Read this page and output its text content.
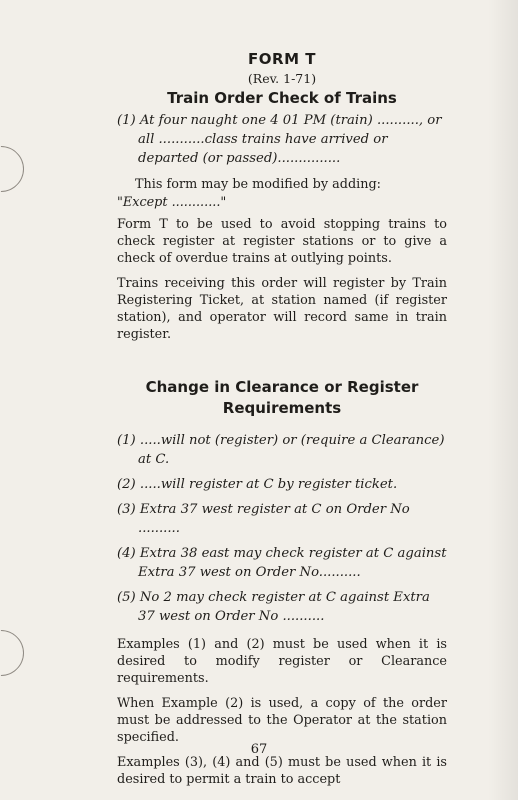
FORM T
(Rev. 1-71)
Train Order Check of Trains

(1) At four naught one 4 01 PM (train) .........., or all ...........class trains have arrived or departed (or passed)...............

This form may be modified by adding:

"Except ............"

Form T to be used to avoid stopping trains to check register at register stations or to give a check of overdue trains at outlying points.

Trains receiving this order will register by Train Registering Ticket, at station named (if register station), and operator will record same in train register.

Change in Clearance or Register Requirements

(1) .....will not (register) or (require a Clearance) at C.

(2) .....will register at C by register ticket.

(3) Extra 37 west register at C on Order No ..........

(4) Extra 38 east may check register at C against Extra 37 west on Order No..........

(5) No 2 may check register at C against Extra 37 west on Order No ..........

Examples (1) and (2) must be used when it is desired to modify register or Clearance requirements.

When Example (2) is used, a copy of the order must be addressed to the Operator at the station specified.

Examples (3), (4) and (5) must be used when it is desired to permit a train to accept

67
